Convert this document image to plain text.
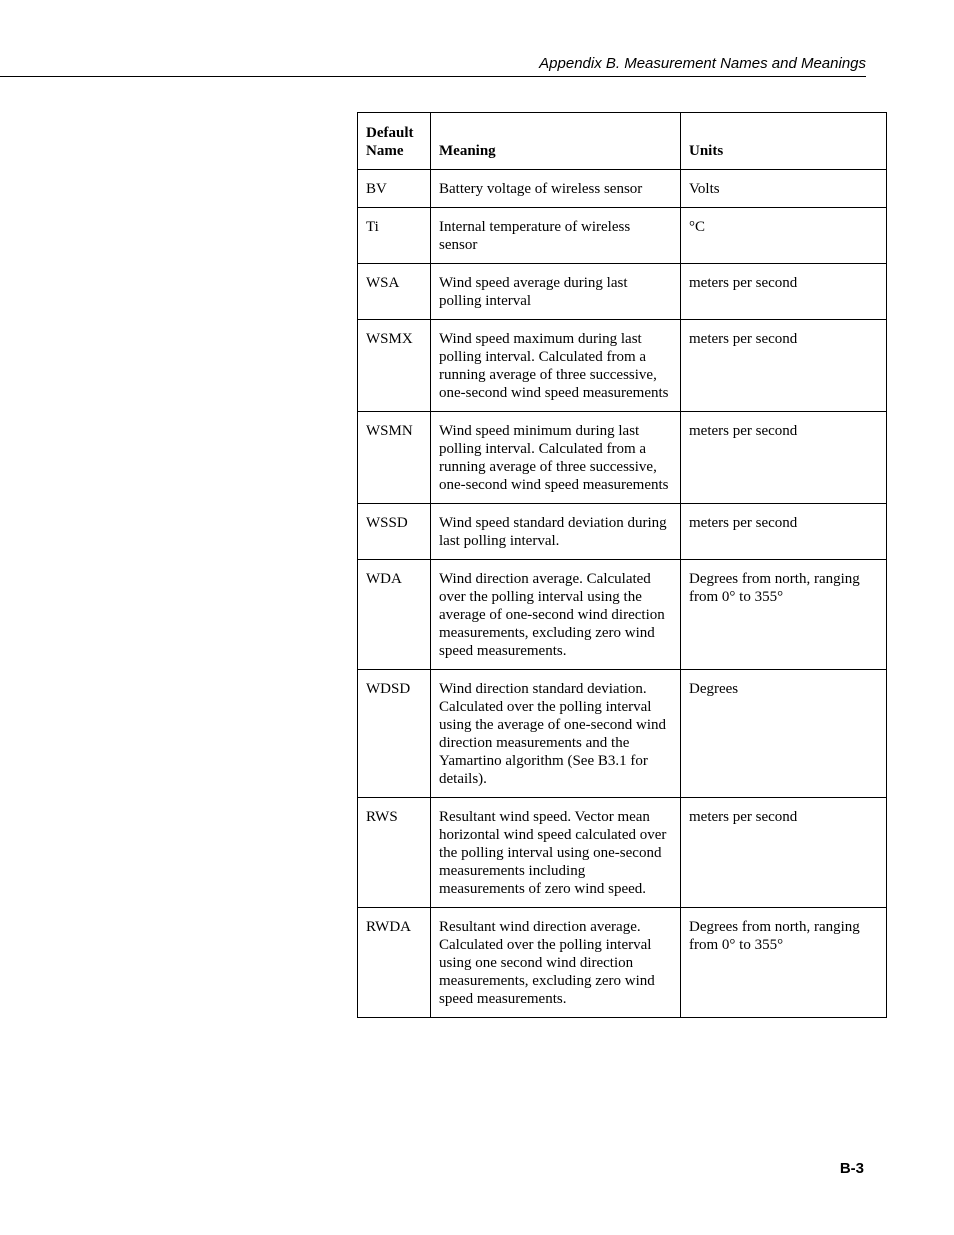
Appendix B. Measurement Names and Meanings
Default Name	Meaning	Units
BV	Battery voltage of wireless sensor	Volts
Ti	Internal temperature of wireless sensor	°C
WSA	Wind speed average during last polling interval	meters per second
WSMX	Wind speed maximum during last polling interval. Calculated from a running average of three successive, one-second wind speed measurements	meters per second
WSMN	Wind speed minimum during last polling interval. Calculated from a running average of three successive, one-second wind speed measurements	meters per second
WSSD	Wind speed standard deviation during last polling interval.	meters per second
WDA	Wind direction average. Calculated over the polling interval using the average of one-second wind direction measurements, excluding zero wind speed measurements.	Degrees from north, ranging from 0° to 355°
WDSD	Wind direction standard deviation. Calculated over the polling interval using the average of one-second wind direction measurements and the Yamartino algorithm (See B3.1 for details).	Degrees
RWS	Resultant wind speed. Vector mean horizontal wind speed calculated over the polling interval using one-second measurements including measurements of zero wind speed.	meters per second
RWDA	Resultant wind direction average. Calculated over the polling interval using one second wind direction measurements, excluding zero wind speed measurements.	Degrees from north, ranging from 0° to 355°
B-3
